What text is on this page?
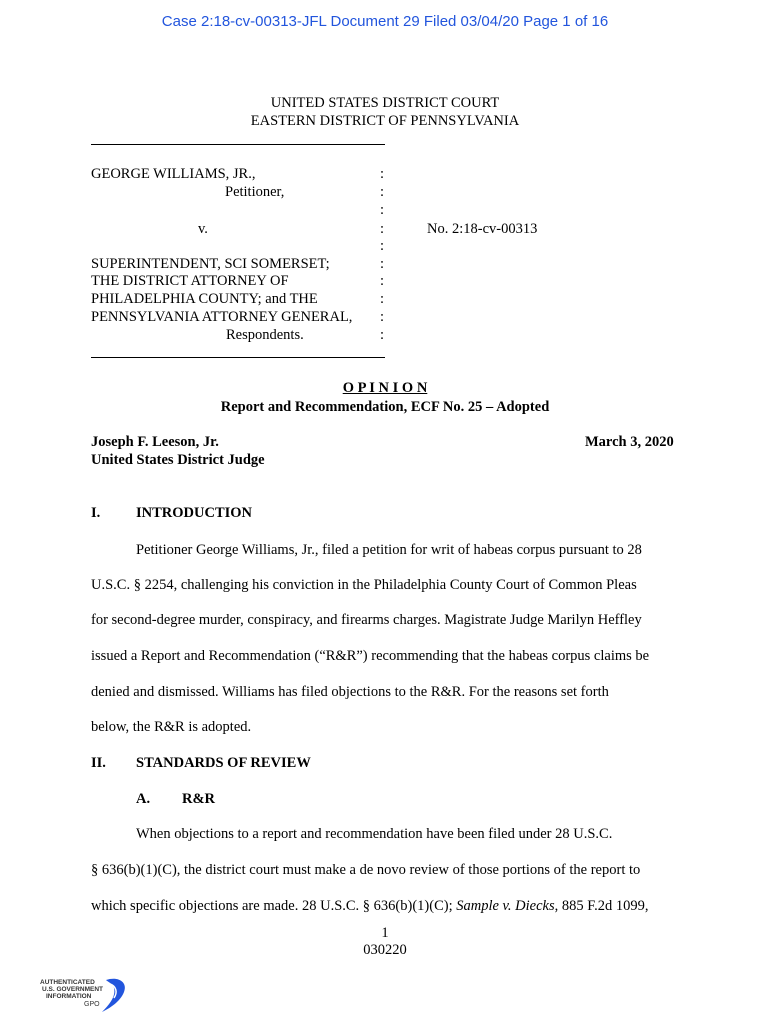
Case 2:18-cv-00313-JFL Document 29 Filed 03/04/20 Page 1 of 16
UNITED STATES DISTRICT COURT
EASTERN DISTRICT OF PENNSYLVANIA
GEORGE WILLIAMS, JR.,
Petitioner,
v.
SUPERINTENDENT, SCI SOMERSET;
THE DISTRICT ATTORNEY OF
PHILADELPHIA COUNTY; and THE
PENNSYLVANIA ATTORNEY GENERAL,
Respondents.
:
:
:
:
:
:
:
:
:
:
No. 2:18-cv-00313
O P I N I O N
Report and Recommendation, ECF No. 25 – Adopted
Joseph F. Leeson, Jr.
United States District Judge
March 3, 2020
I. INTRODUCTION
Petitioner George Williams, Jr., filed a petition for writ of habeas corpus pursuant to 28
U.S.C. § 2254, challenging his conviction in the Philadelphia County Court of Common Pleas
for second-degree murder, conspiracy, and firearms charges. Magistrate Judge Marilyn Heffley
issued a Report and Recommendation (“R&R”) recommending that the habeas corpus claims be
denied and dismissed. Williams has filed objections to the R&R. For the reasons set forth
below, the R&R is adopted.
II. STANDARDS OF REVIEW
A. R&R
When objections to a report and recommendation have been filed under 28 U.S.C.
§ 636(b)(1)(C), the district court must make a de novo review of those portions of the report to
which specific objections are made. 28 U.S.C. § 636(b)(1)(C); Sample v. Diecks, 885 F.2d 1099,
1
030220
AUTHENTICATED
U.S. GOVERNMENT
INFORMATION
GPO
